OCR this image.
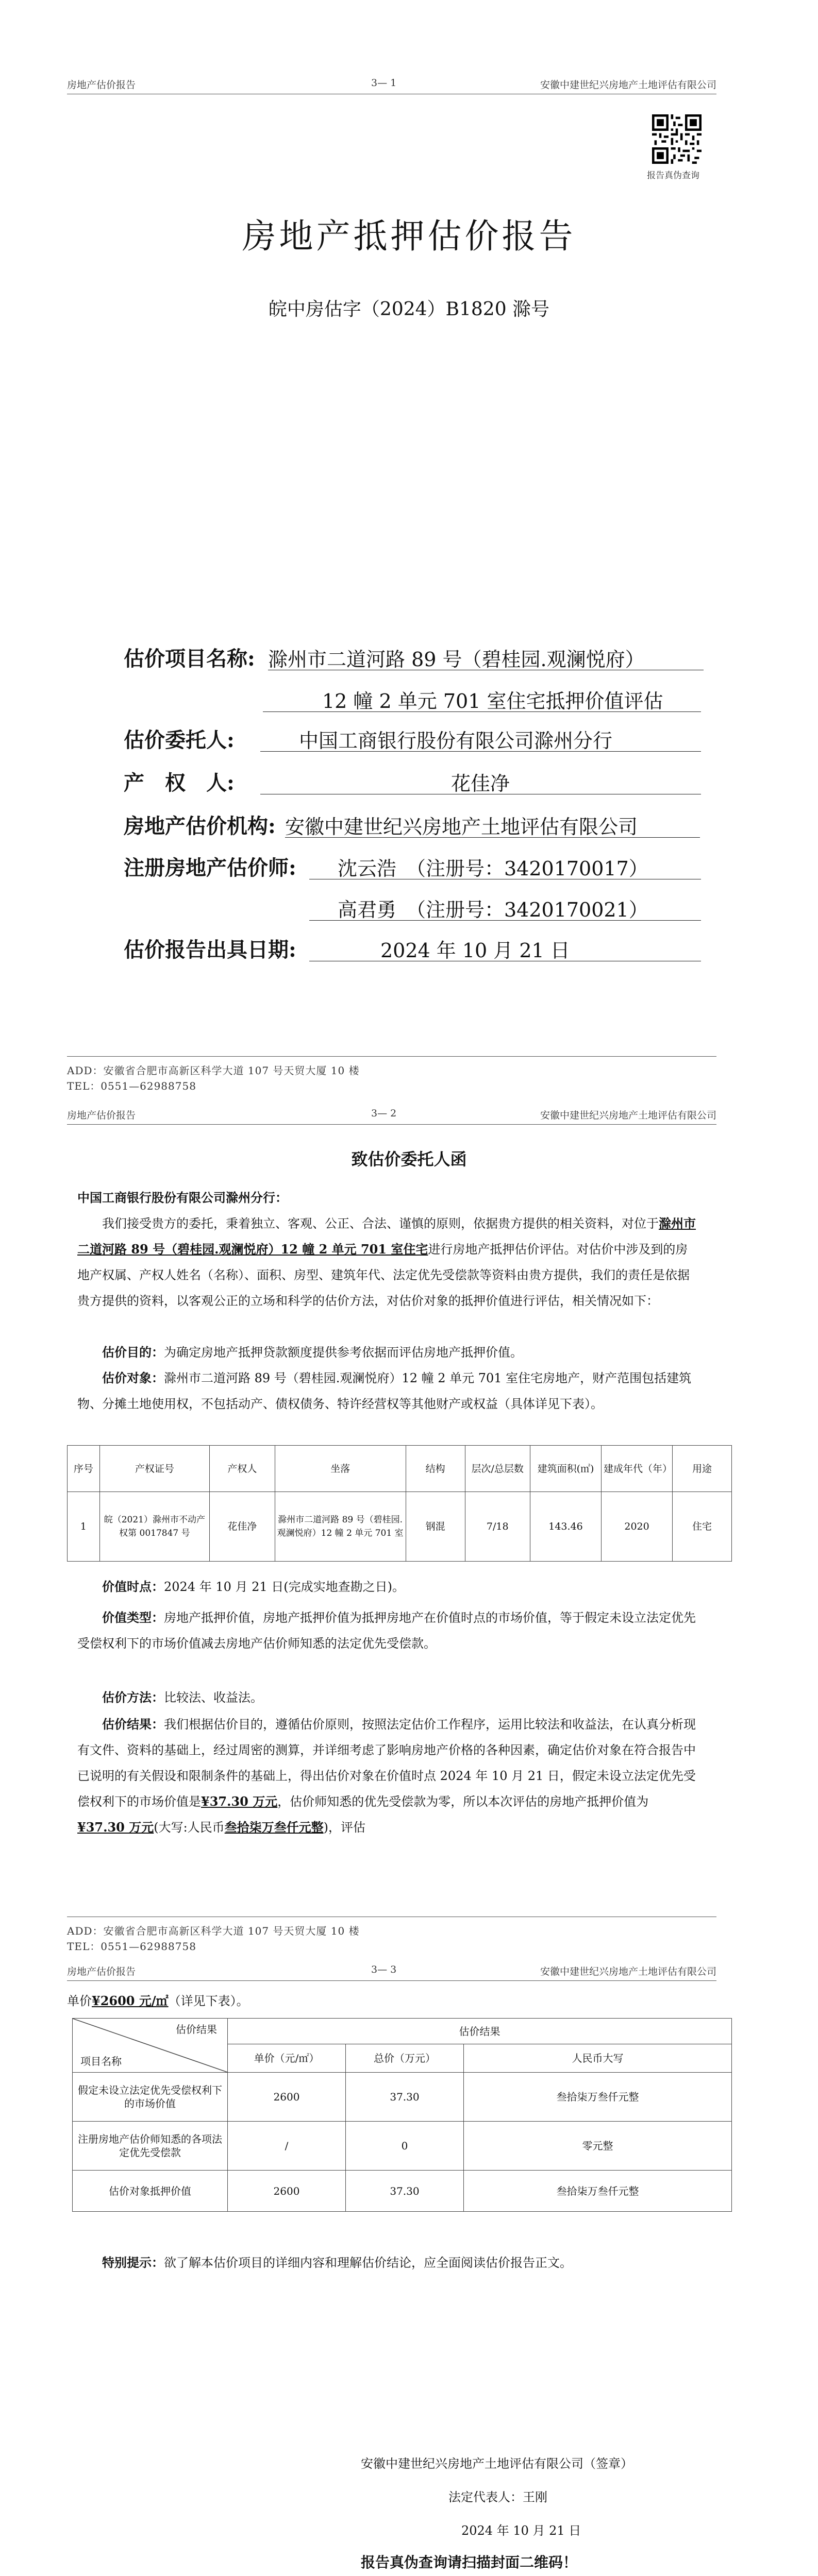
房地产估价报告	3— 1	安徽中建世纪兴房地产土地评估有限公司
报告真伪查询
房地产抵押估价报告
皖中房估字（2024）B1820 滁号
估价项目名称: 滁州市二道河路 89 号（碧桂园.观澜悦府）
12 幢 2 单元 701 室住宅抵押价值评估
估价委托人:	中国工商银行股份有限公司滁州分行
产　权　人:	花佳净
房地产估价机构: 安徽中建世纪兴房地产土地评估有限公司
注册房地产估价师: 沈云浩　（注册号：3420170017）
高君勇　（注册号：3420170021）
估价报告出具日期:	2024 年 10 月 21 日
ADD：安徽省合肥市高新区科学大道 107 号天贸大厦 10 楼
TEL：0551—62988758
房地产估价报告	3— 2	安徽中建世纪兴房地产土地评估有限公司
致估价委托人函
中国工商银行股份有限公司滁州分行：
我们接受贵方的委托，秉着独立、客观、公正、合法、谨慎的原则，依据贵方提供的相关资料，对位于滁州市二道河路 89 号（碧桂园.观澜悦府）12 幢 2 单元 701 室住宅进行房地产抵押估价评估。对估价中涉及到的房地产权属、产权人姓名（名称）、面积、房型、建筑年代、法定优先受偿款等资料由贵方提供，我们的责任是依据贵方提供的资料，以客观公正的立场和科学的估价方法，对估价对象的抵押价值进行评估，相关情况如下：
估价目的：为确定房地产抵押贷款额度提供参考依据而评估房地产抵押价值。
估价对象：滁州市二道河路 89 号（碧桂园.观澜悦府）12 幢 2 单元 701 室住宅房地产，财产范围包括建筑物、分摊土地使用权，不包括动产、债权债务、特许经营权等其他财产或权益（具体详见下表）。
序号	产权证号	产权人	坐落	结构	层次/总层数	建筑面积(㎡)	建成年代（年）	用途
1	皖（2021）滁州市不动产权第 0017847 号	花佳净	滁州市二道河路 89 号（碧桂园.观澜悦府）12 幢 2 单元 701 室	钢混	7/18	143.46	2020	住宅
价值时点：2024 年 10 月 21 日(完成实地查勘之日)。
价值类型：房地产抵押价值，房地产抵押价值为抵押房地产在价值时点的市场价值，等于假定未设立法定优先受偿权利下的市场价值减去房地产估价师知悉的法定优先受偿款。
估价方法：比较法、收益法。
估价结果：我们根据估价目的，遵循估价原则，按照法定估价工作程序，运用比较法和收益法，在认真分析现有文件、资料的基础上，经过周密的测算，并详细考虑了影响房地产价格的各种因素，确定估价对象在符合报告中已说明的有关假设和限制条件的基础上，得出估价对象在价值时点 2024 年 10 月 21 日，假定未设立法定优先受偿权利下的市场价值是¥37.30 万元，估价师知悉的优先受偿款为零，所以本次评估的房地产抵押价值为¥37.30 万元(大写:人民币叁拾柒万叁仟元整)，评估
ADD：安徽省合肥市高新区科学大道 107 号天贸大厦 10 楼
TEL：0551—62988758
房地产估价报告	3— 3	安徽中建世纪兴房地产土地评估有限公司
单价¥2600 元/㎡（详见下表）。
估价结果
项目名称	估价结果		
	单价（元/㎡）	总价（万元）	人民币大写
假定未设立法定优先受偿权利下的市场价值	2600	37.30	叁拾柒万叁仟元整
注册房地产估价师知悉的各项法定优先受偿款	/	0	零元整
估价对象抵押价值	2600	37.30	叁拾柒万叁仟元整
特别提示：欲了解本估价项目的详细内容和理解估价结论，应全面阅读估价报告正文。
安徽中建世纪兴房地产土地评估有限公司（签章）
法定代表人：王刚
2024 年 10 月 21 日
报告真伪查询请扫描封面二维码！
